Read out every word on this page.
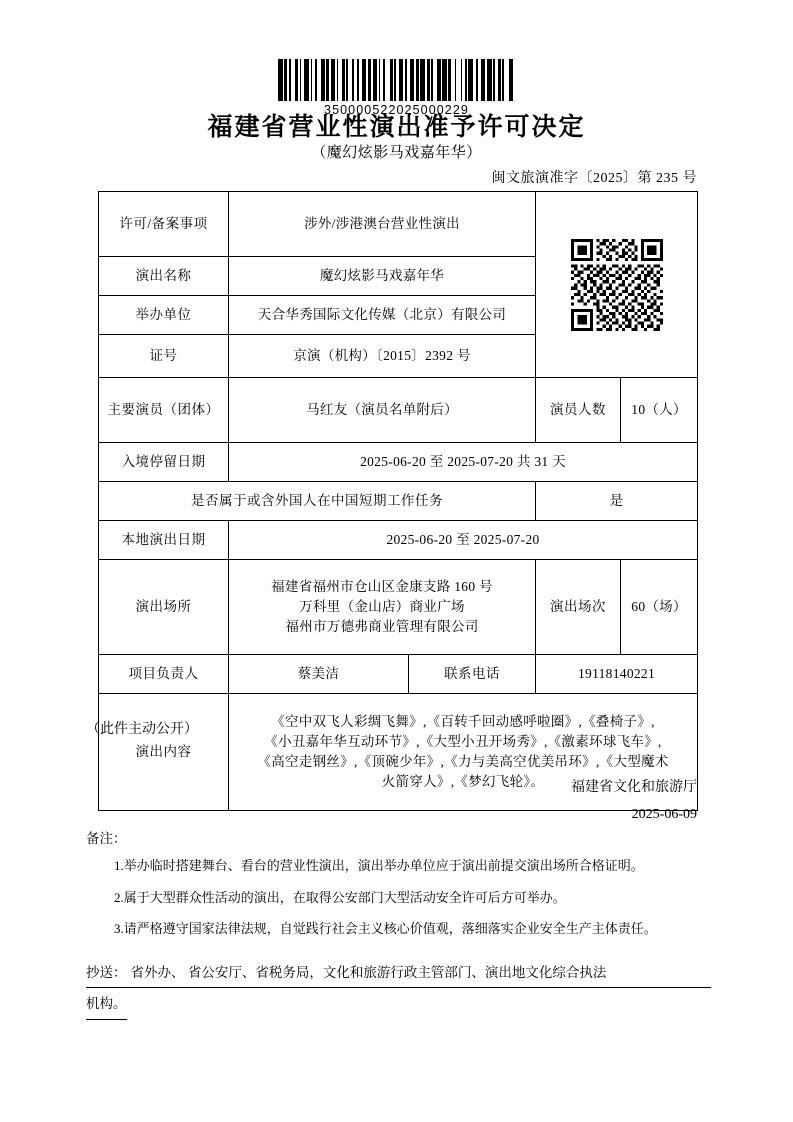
350000522025000229
福建省营业性演出准予许可决定
（魔幻炫影马戏嘉年华）
闽文旅演准字〔2025〕第 235 号
许可/备案事项	涉外/涉港澳台营业性演出	

演出名称	魔幻炫影马戏嘉年华			
举办单位	天合华秀国际文化传媒（北京）有限公司			
证号	京演（机构）〔2015〕2392 号			
主要演员（团体）	马红友（演员名单附后）		演员人数	10（人）
入境停留日期	2025-06-20 至 2025-07-20 共 31 天			
是否属于或含外国人在中国短期工作任务			是	
本地演出日期	2025-06-20 至 2025-07-20			
演出场所	福建省福州市仓山区金康支路 160 号
万科里（金山店）商业广场
福州市万德弗商业管理有限公司		演出场次	60（场）
项目负责人	蔡美洁	联系电话	19118140221	
演出内容	《空中双飞人彩绸飞舞》,《百转千回动感呼啦圈》,《叠椅子》,
《小丑嘉年华互动环节》,《大型小丑开场秀》,《激素环球飞车》,
《高空走钢丝》,《顶碗少年》,《力与美高空优美吊环》,《大型魔术
火箭穿人》,《梦幻飞轮》。			
（此件主动公开）
福建省文化和旅游厅
2025-06-09
备注：
1.举办临时搭建舞台、看台的营业性演出，演出举办单位应于演出前提交演出场所合格证明。
2.属于大型群众性活动的演出，在取得公安部门大型活动安全许可后方可举办。
3.请严格遵守国家法律法规，自觉践行社会主义核心价值观，落细落实企业安全生产主体责任。
抄送： 省外办、 省公安厅、省税务局，文化和旅游行政主管部门、演出地文化综合执法
机构。
